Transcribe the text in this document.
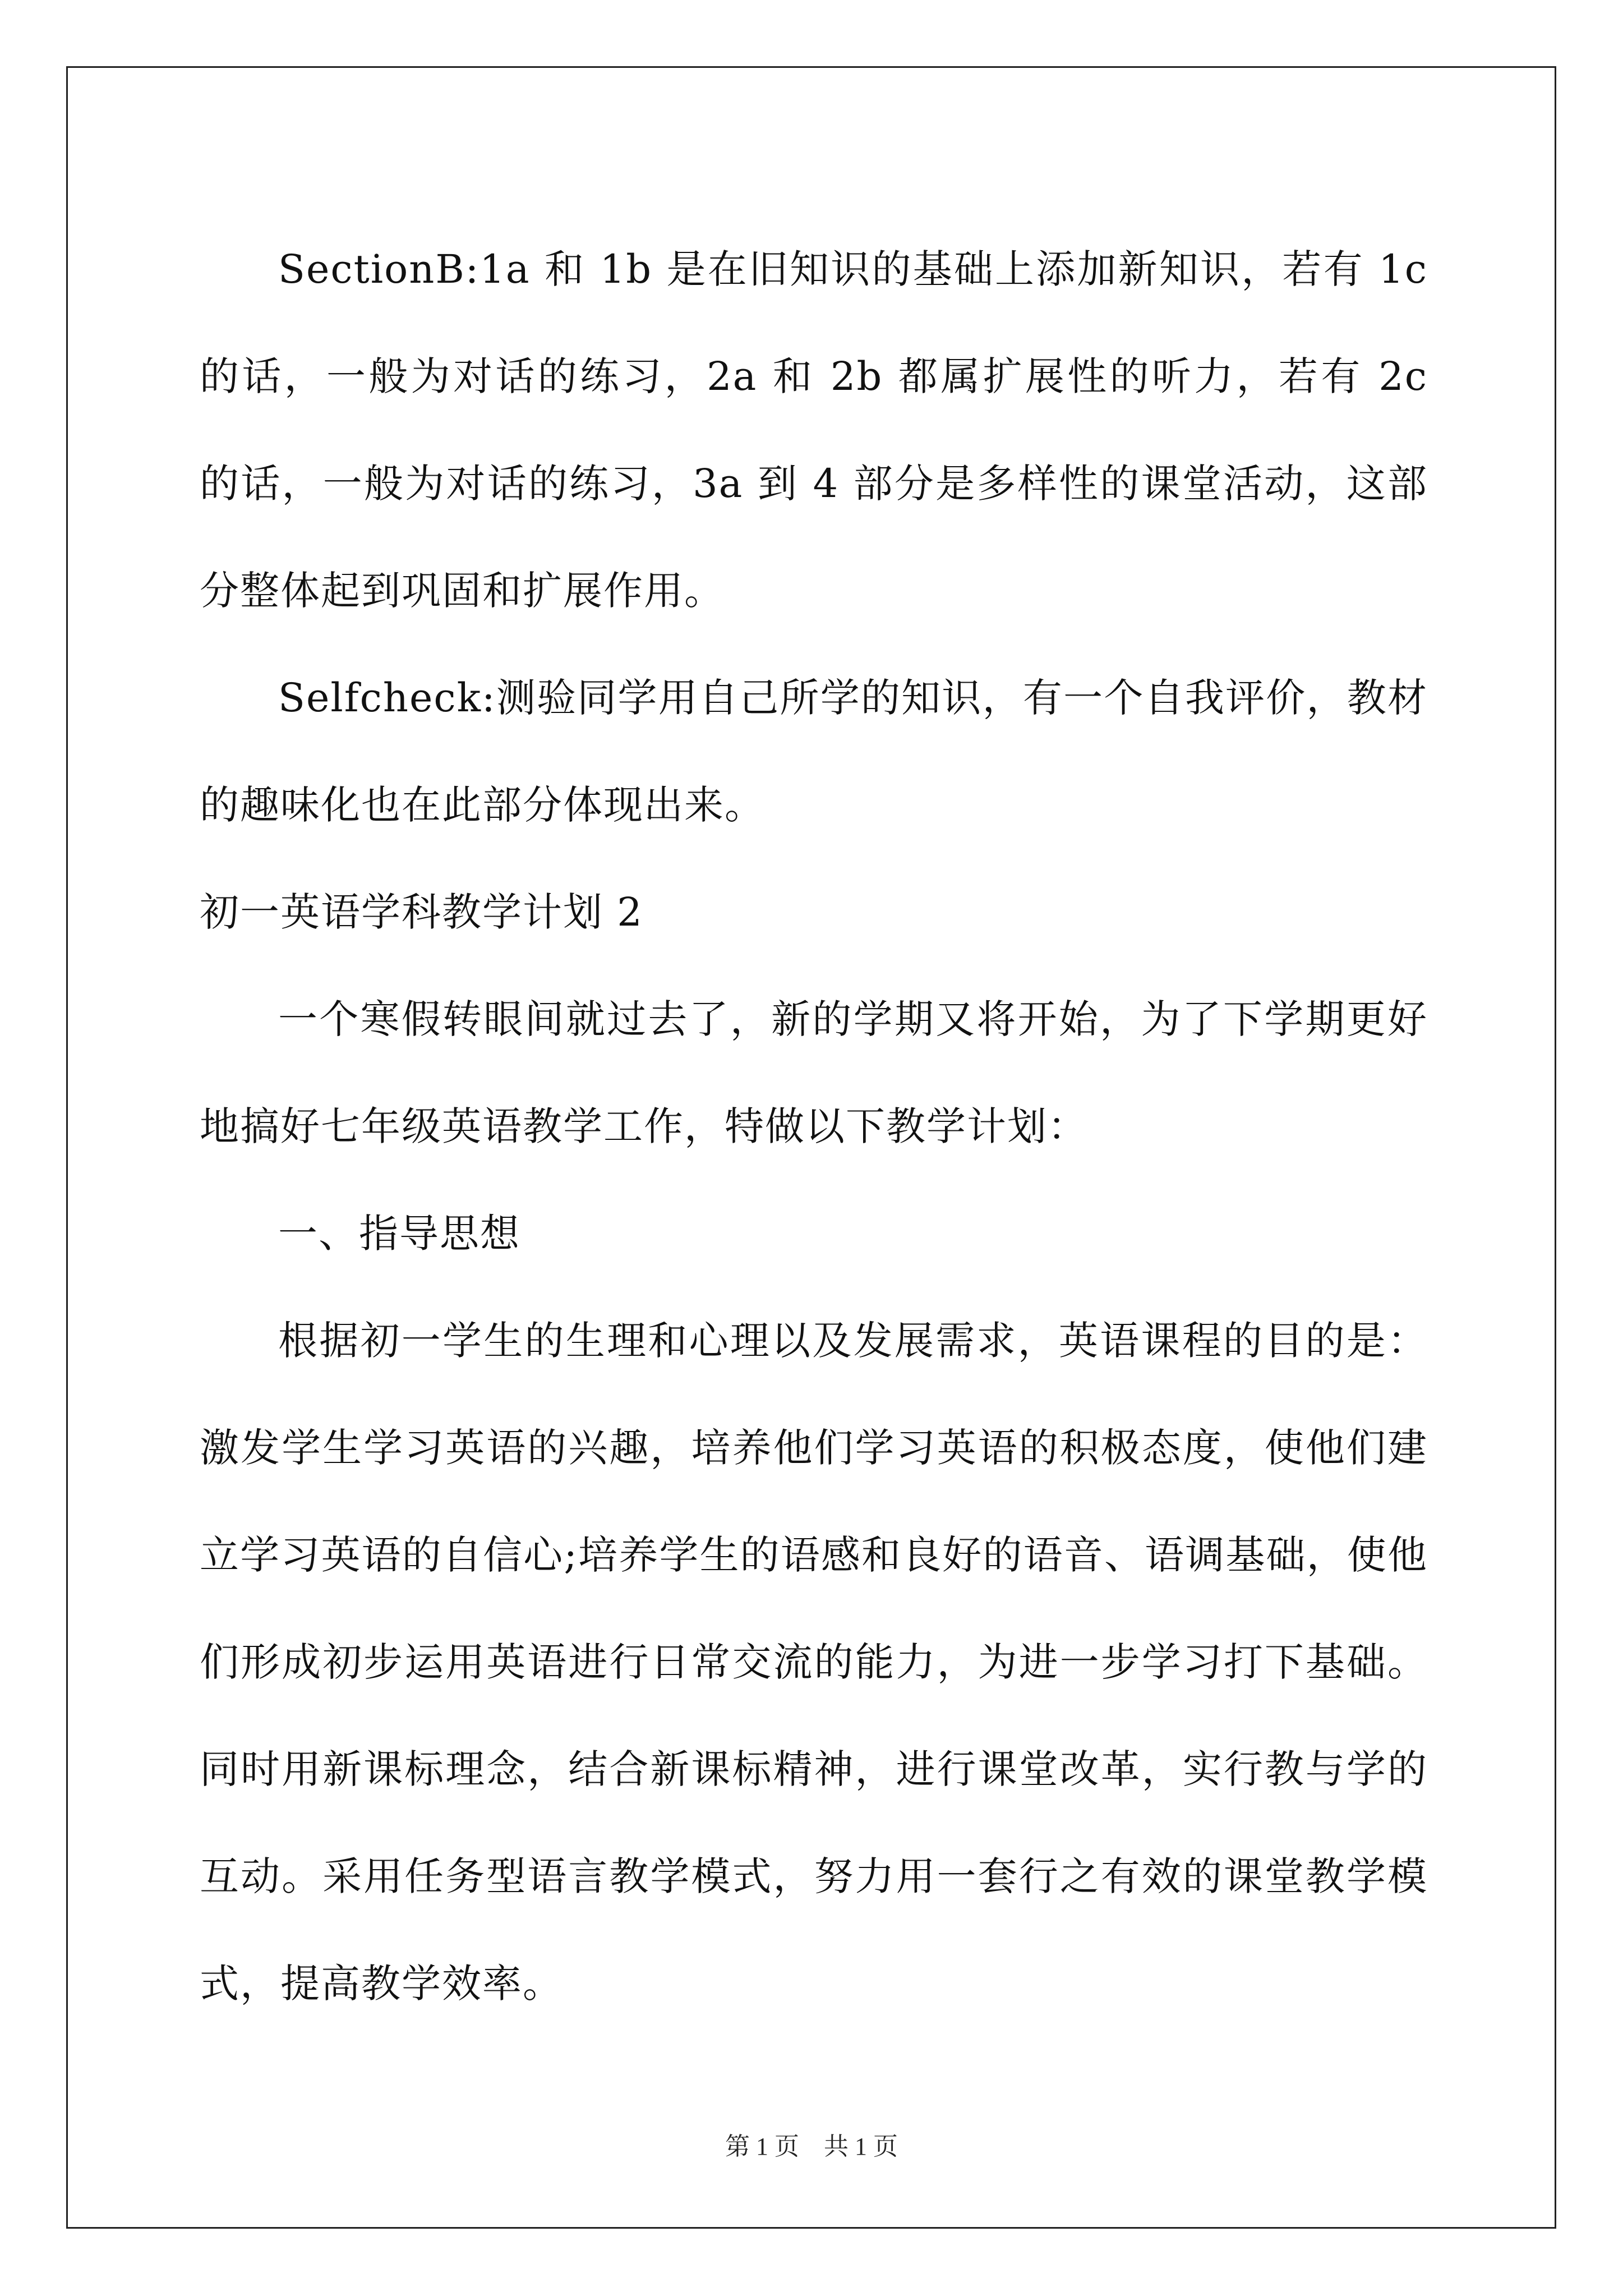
SectionB:1a 和 1b 是在旧知识的基础上添加新知识，若有 1c 的话，一般为对话的练习，2a 和 2b 都属扩展性的听力，若有 2c 的话，一般为对话的练习，3a 到 4 部分是多样性的课堂活动，这部分整体起到巩固和扩展作用。

Selfcheck:测验同学用自己所学的知识，有一个自我评价，教材的趣味化也在此部分体现出来。

初一英语学科教学计划 2

一个寒假转眼间就过去了，新的学期又将开始，为了下学期更好地搞好七年级英语教学工作，特做以下教学计划：

一、指导思想

根据初一学生的生理和心理以及发展需求，英语课程的目的是：激发学生学习英语的兴趣，培养他们学习英语的积极态度，使他们建立学习英语的自信心;培养学生的语感和良好的语音、语调基础，使他们形成初步运用英语进行日常交流的能力，为进一步学习打下基础。同时用新课标理念，结合新课标精神，进行课堂改革，实行教与学的互动。采用任务型语言教学模式，努力用一套行之有效的课堂教学模式，提高教学效率。

第 1 页　共 1 页
